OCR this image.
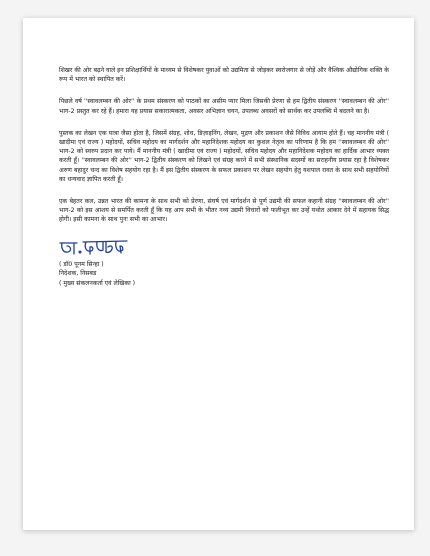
शिखर की ओर बढ़ने वाले इन प्रशिक्षार्थियों के माध्यम से विशेषकर युवाओं को उद्यमिता से जोड़कर स्वरोजगार से जोड़ें और वैश्विक औद्योगिक शक्ति के रूप में भारत को स्थापित करें।

पिछले वर्ष ''स्वावलम्बन की ओर'' के प्रथम संस्करण को पाठकों का असीम प्यार मिला जिसकी प्रेरणा से हम द्वितीय संस्करण ''स्वावलम्बन की ओर'' भाग-2 प्रस्तुत कर रहे हैं। हमारा यह प्रयास सकारात्मकता, अवसर अभिज्ञान चयन, उपलब्ध अवसरों को सार्थक कर उपलब्धि में बदलने का है।

पुस्तक का लेखन एक यात्रा जैसा होता है, जिसमें संग्रह, शोध, डिज़ाइनिंग, लेखन, मुद्रण और प्रकाशन जैसे विविध आयाम होते हैं। चह माननीय मंत्री ( खादीमा एवं राज्य ) महोदयों, सचिव महोदय का मार्गदर्शन और महानिदेशक महोदय का कुशल नेतृत्व का परिणाम है कि हम ''स्वावलम्बन की ओर'' भाग-2 को स्वरुप प्रदान कर पाये। मैं माननीय मंत्री ( खादीमा एवं राज्य ) महोदयों, सचिव महोदय और महानिदेशक महोदय का हार्दिक आभार व्यक्त करती हूँ। ''स्वावलम्बन की ओर'' भाग-2 द्वितीय संस्करण को लिखने एवं संग्रह करने में सभी संस्थानिक सदस्यों का सराहनीय प्रयास रहा है विशेषकर अरुण बहादुर चन्द का विशेष सहयोग रहा है। मैं इस द्वितीय संस्करण के सफल प्रकाशन पर लेखन सहयोग हेतु यशपाल रावत के साथ सभी सहयोगियों का धन्यवाद ज्ञापित करती हूँ।

एक बेहतर कल, उन्नत भारत की कामना के साथ सभी को प्रेरणा, संघर्ष एवं मार्गदर्शन से पूर्ण उद्यमी की सफल कहानी संग्रह ''स्वावलम्बन की ओर'' भाग-2 को इस आशय से समर्पित करती हूँ कि यह आप सभी के भीतर नव्य उद्यमी विचारों को फलीभूत कर उन्हें यथोत आकार देने में सहायक सिद्ध होगी। इसी कामना के साथ पुनः सभी का आभार।

( डॉ0 पूनम सिन्हा )

निदेशक, निसबड

( मुख्य संकलनकर्ता एवं लेखिका )
